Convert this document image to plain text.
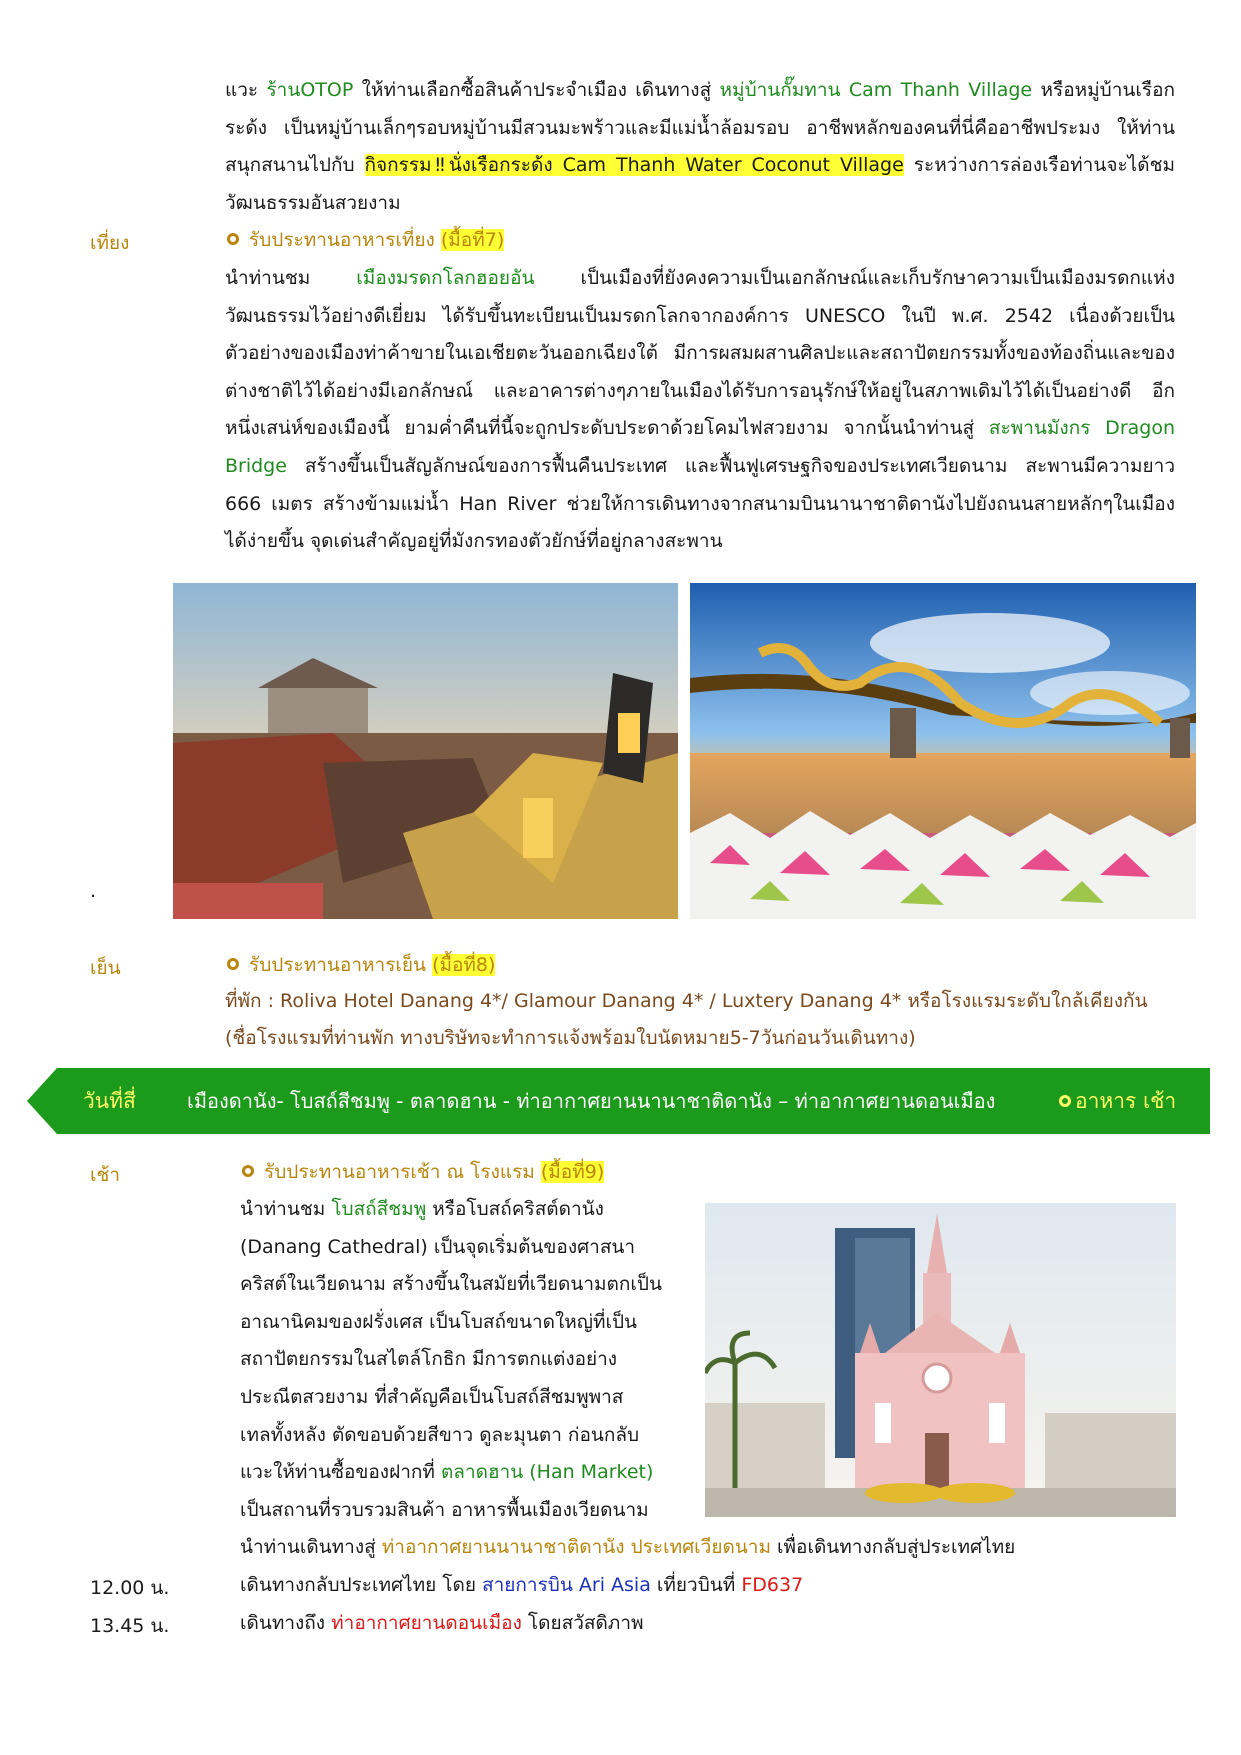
แวะ ร้านOTOP ให้ท่านเลือกซื้อสินค้าประจำเมือง เดินทางสู่ หมู่บ้านกั๊มทาน Cam Thanh Village หรือหมู่บ้านเรือกระด้ง เป็นหมู่บ้านเล็กๆรอบหมู่บ้านมีสวนมะพร้าวและมีแม่น้ำล้อมรอบ อาชีพหลักของคนที่นี่คืออาชีพประมง ให้ท่านสนุกสนานไปกับ กิจกรรม‼นั่งเรือกระด้ง Cam Thanh Water Coconut Village ระหว่างการล่องเรือท่านจะได้ชมวัฒนธรรมอันสวยงาม
เที่ยง	รับประทานอาหารเที่ยง (มื้อที่7)
นำท่านชม เมืองมรดกโลกฮอยอัน เป็นเมืองที่ยังคงความเป็นเอกลักษณ์และเก็บรักษาความเป็นเมืองมรดกแห่งวัฒนธรรมไว้อย่างดีเยี่ยม ได้รับขึ้นทะเบียนเป็นมรดกโลกจากองค์การ UNESCO ในปี พ.ศ. 2542 เนื่องด้วยเป็นตัวอย่างของเมืองท่าค้าขายในเอเชียตะวันออกเฉียงใต้ มีการผสมผสานศิลปะและสถาปัตยกรรมทั้งของท้องถิ่นและของต่างชาติไว้ได้อย่างมีเอกลักษณ์ และอาคารต่างๆภายในเมืองได้รับการอนุรักษ์ให้อยู่ในสภาพเดิมไว้ได้เป็นอย่างดี อีกหนึ่งเสน่ห์ของเมืองนี้ ยามค่ำคืนที่นี้จะถูกประดับประดาด้วยโคมไฟสวยงาม จากนั้นนำท่านสู่ สะพานมังกร Dragon Bridge สร้างขึ้นเป็นสัญลักษณ์ของการฟื้นคืนประเทศ และฟื้นฟูเศรษฐกิจของประเทศเวียดนาม สะพานมีความยาว 666 เมตร สร้างข้ามแม่น้ำ Han River ช่วยให้การเดินทางจากสนามบินนานาชาติดานังไปยังถนนสายหลักๆในเมืองได้ง่ายขึ้น จุดเด่นสำคัญอยู่ที่มังกรทองตัวยักษ์ที่อยู่กลางสะพาน
.
เย็น	รับประทานอาหารเย็น (มื้อที่8)
ที่พัก : Roliva Hotel Danang 4*/ Glamour Danang 4* / Luxtery Danang 4* หรือโรงแรมระดับใกล้เคียงกัน
(ชื่อโรงแรมที่ท่านพัก ทางบริษัทจะทำการแจ้งพร้อมใบนัดหมาย5-7วันก่อนวันเดินทาง)
วันที่สี่	เมืองดานัง- โบสถ์สีชมพู - ตลาดฮาน - ท่าอากาศยานนานาชาติดานัง – ท่าอากาศยานดอนเมือง	อาหาร เช้า
เช้า	รับประทานอาหารเช้า ณ โรงแรม (มื้อที่9)
นำท่านชม โบสถ์สีชมพู หรือโบสถ์คริสต์ดานัง
(Danang Cathedral) เป็นจุดเริ่มต้นของศาสนา
คริสต์ในเวียดนาม สร้างขึ้นในสมัยที่เวียดนามตกเป็น
อาณานิคมของฝรั่งเศส เป็นโบสถ์ขนาดใหญ่ที่เป็น
สถาปัตยกรรมในสไตล์โกธิก มีการตกแต่งอย่าง
ประณีตสวยงาม ที่สำคัญคือเป็นโบสถ์สีชมพูพาส
เทลทั้งหลัง ตัดขอบด้วยสีขาว ดูละมุนตา ก่อนกลับ
แวะให้ท่านซื้อของฝากที่ ตลาดฮาน (Han Market)
เป็นสถานที่รวบรวมสินค้า อาหารพื้นเมืองเวียดนาม
นำท่านเดินทางสู่ ท่าอากาศยานนานาชาติดานัง ประเทศเวียดนาม เพื่อเดินทางกลับสู่ประเทศไทย
12.00 น.	เดินทางกลับประเทศไทย โดย สายการบิน Ari Asia เที่ยวบินที่ FD637
13.45 น.	เดินทางถึง ท่าอากาศยานดอนเมือง โดยสวัสดิภาพ
